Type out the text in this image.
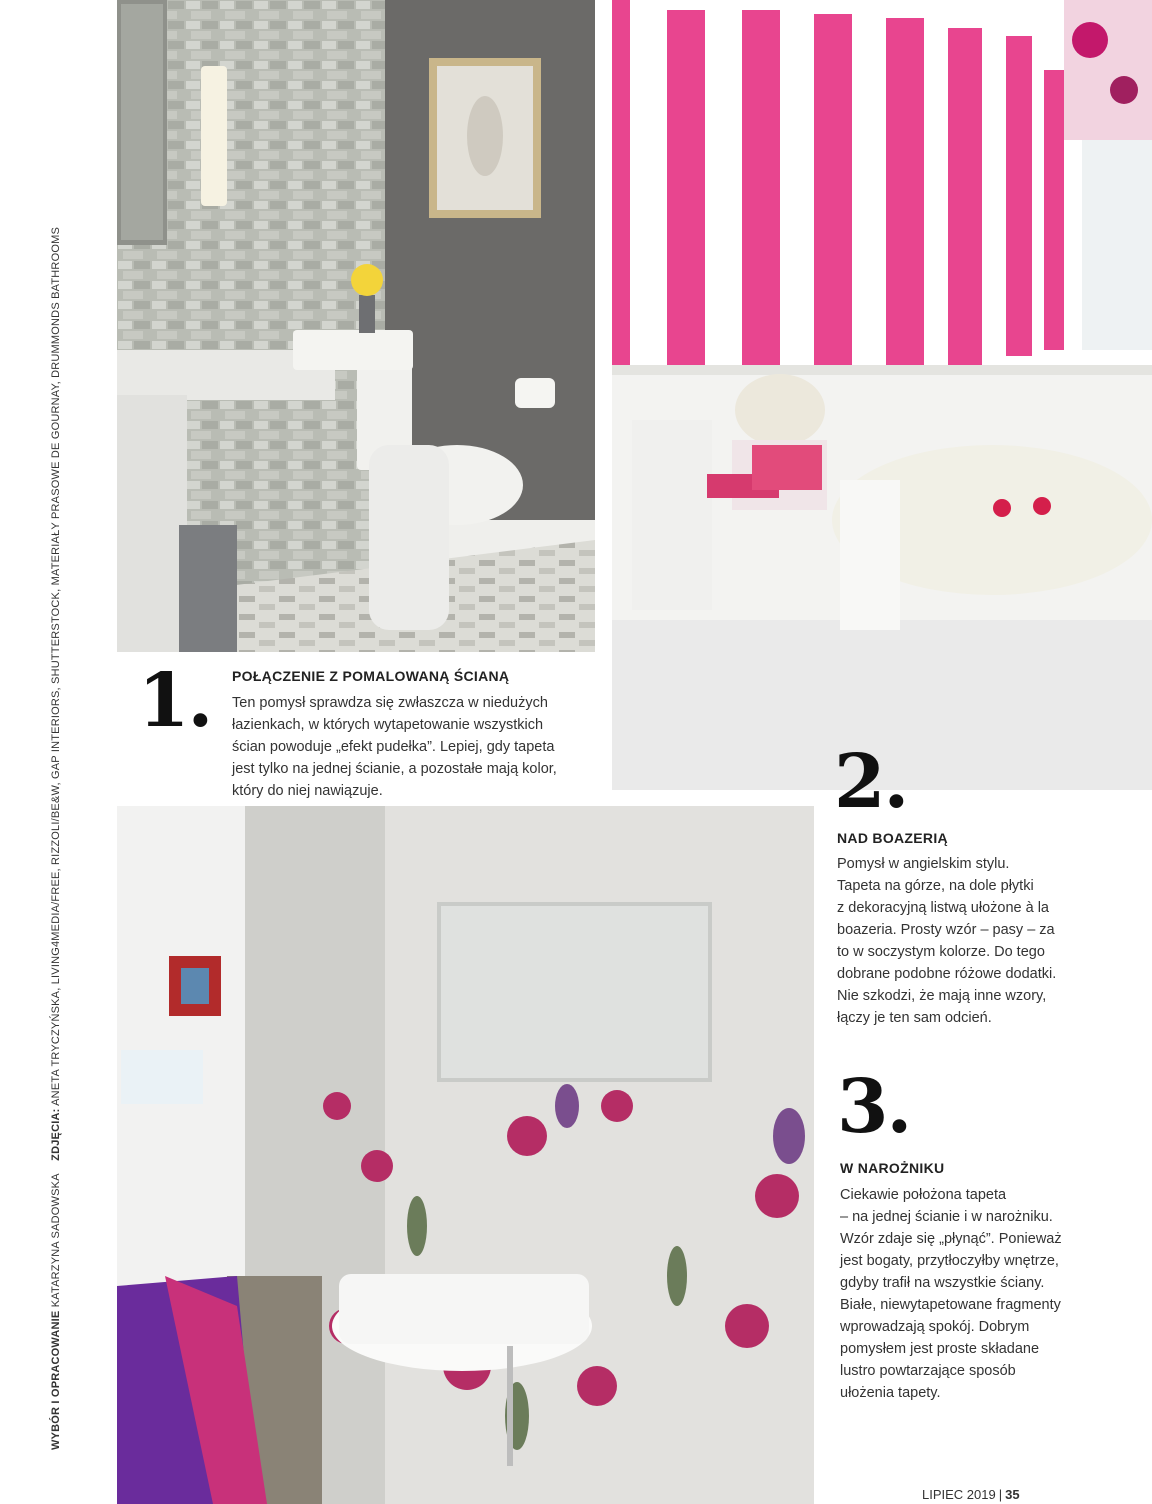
WYBÓR I OPRACOWANIE KATARZYNA SADOWSKA    ZDJĘCIA: ANETA TRYCZYŃSKA, LIVING4MEDIA/FREE, RIZZOLI/BE&W, GAP INTERIORS, SHUTTERSTOCK, MATERIAŁY PRASOWE DE GOURNAY, DRUMMONDS BATHROOMS 1. POŁĄCZENIE Z POMALOWANĄ ŚCIANĄ
Ten pomysł sprawdza się zwłaszcza w niedużych
łazienkach, w których wytapetowanie wszystkich
ścian powoduje „efekt pudełka”. Lepiej, gdy tapeta
jest tylko na jednej ścianie, a pozostałe mają kolor,
który do niej nawiązuje.	2.
NAD BOAZERIĄ
Pomysł w angielskim stylu.
Tapeta na górze, na dole płytki
z dekoracyjną listwą ułożone à la
boazeria. Prosty wzór – pasy – za
to w soczystym kolorze. Do tego
dobrane podobne różowe dodatki.
Nie szkodzi, że mają inne wzory,
łączy je ten sam odcień.
3.
W NAROŻNIKU
Ciekawie położona tapeta
– na jednej ścianie i w narożniku.
Wzór zdaje się „płynąć”. Ponieważ
jest bogaty, przytłoczyłby wnętrze,
gdyby trafił na wszystkie ściany.
Białe, niewytapetowane fragmenty
wprowadzają spokój. Dobrym
pomysłem jest proste składane
lustro powtarzające sposób
ułożenia tapety.
LIPIEC 2019 | 35
